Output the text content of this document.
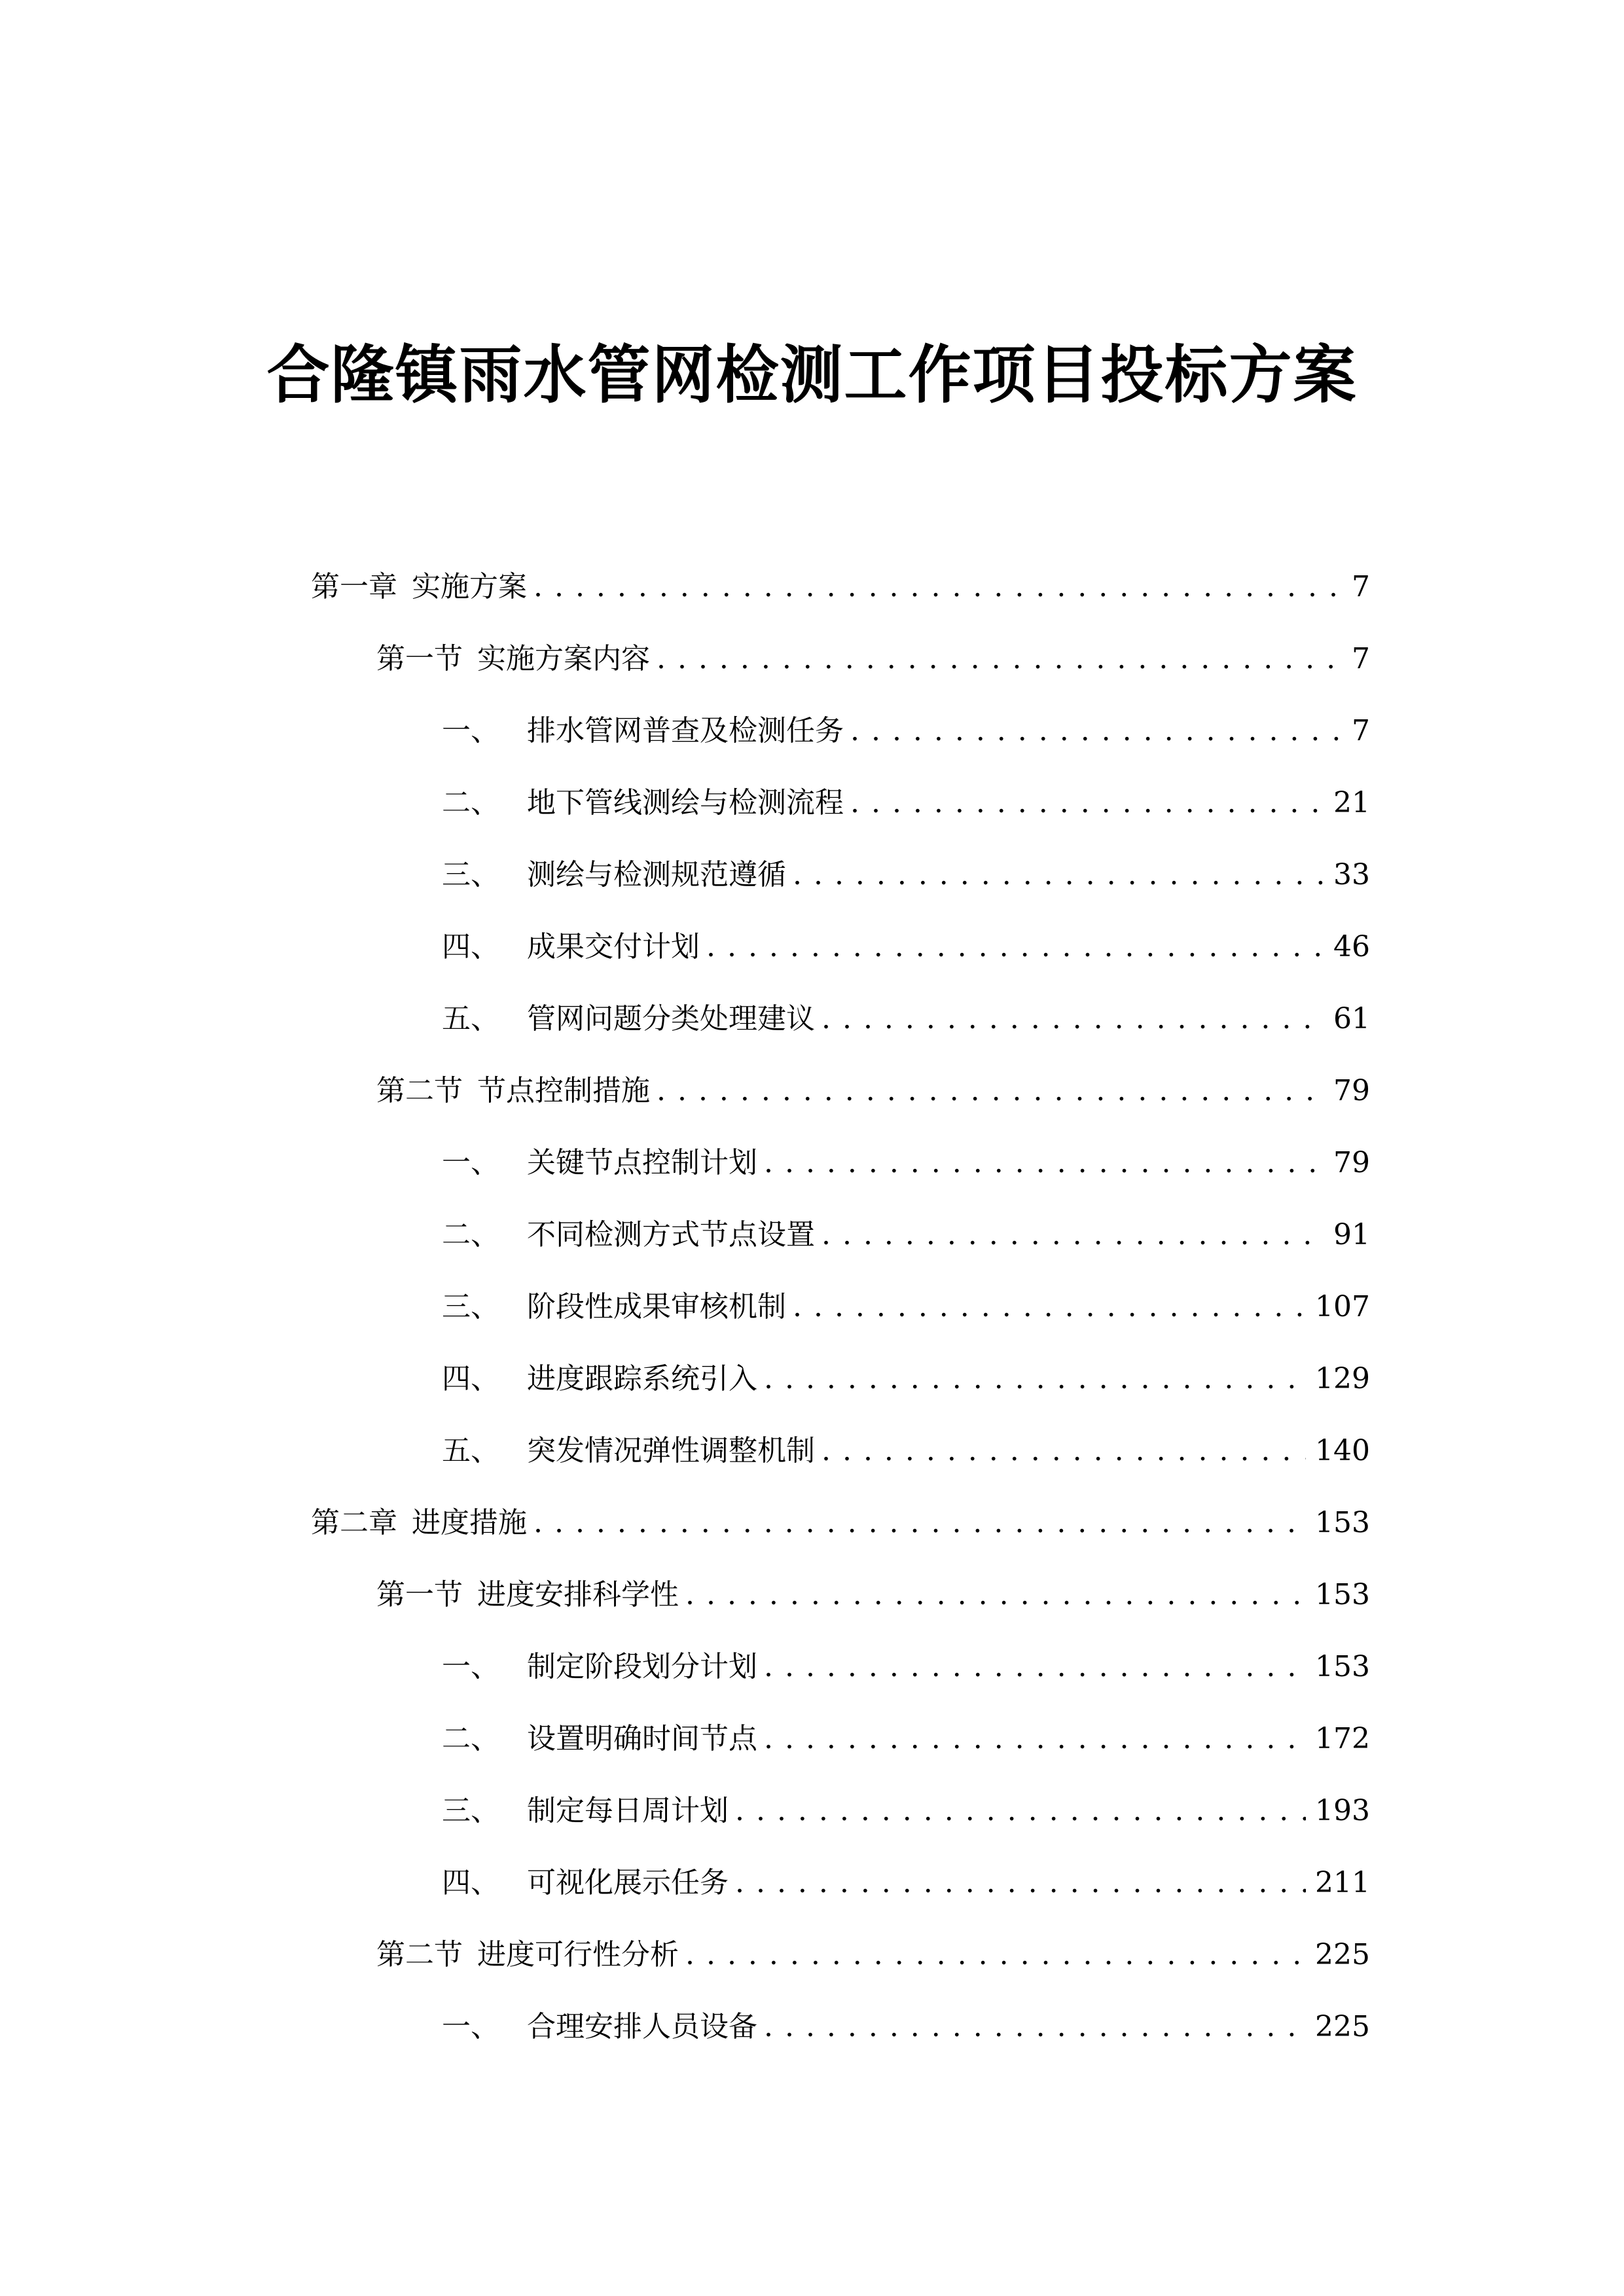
合隆镇雨水管网检测工作项目投标方案
第一章 实施方案 . . .	7
第一节 实施方案内容 . . .	7
一、 排水管网普查及检测任务 . . .	7
二、 地下管线测绘与检测流程 . . .	21
三、 测绘与检测规范遵循 . . .	33
四、 成果交付计划 . . .	46
五、 管网问题分类处理建议 . . .	61
第二节 节点控制措施 . . .	79
一、 关键节点控制计划 . . .	79
二、 不同检测方式节点设置 . . .	91
三、 阶段性成果审核机制 . . .	107
四、 进度跟踪系统引入 . . .	129
五、 突发情况弹性调整机制 . . .	140
第二章 进度措施 . . .	153
第一节 进度安排科学性 . . .	153
一、 制定阶段划分计划 . . .	153
二、 设置明确时间节点 . . .	172
三、 制定每日周计划 . . .	193
四、 可视化展示任务 . . .	211
第二节 进度可行性分析 . . .	225
一、 合理安排人员设备 . . .	225
